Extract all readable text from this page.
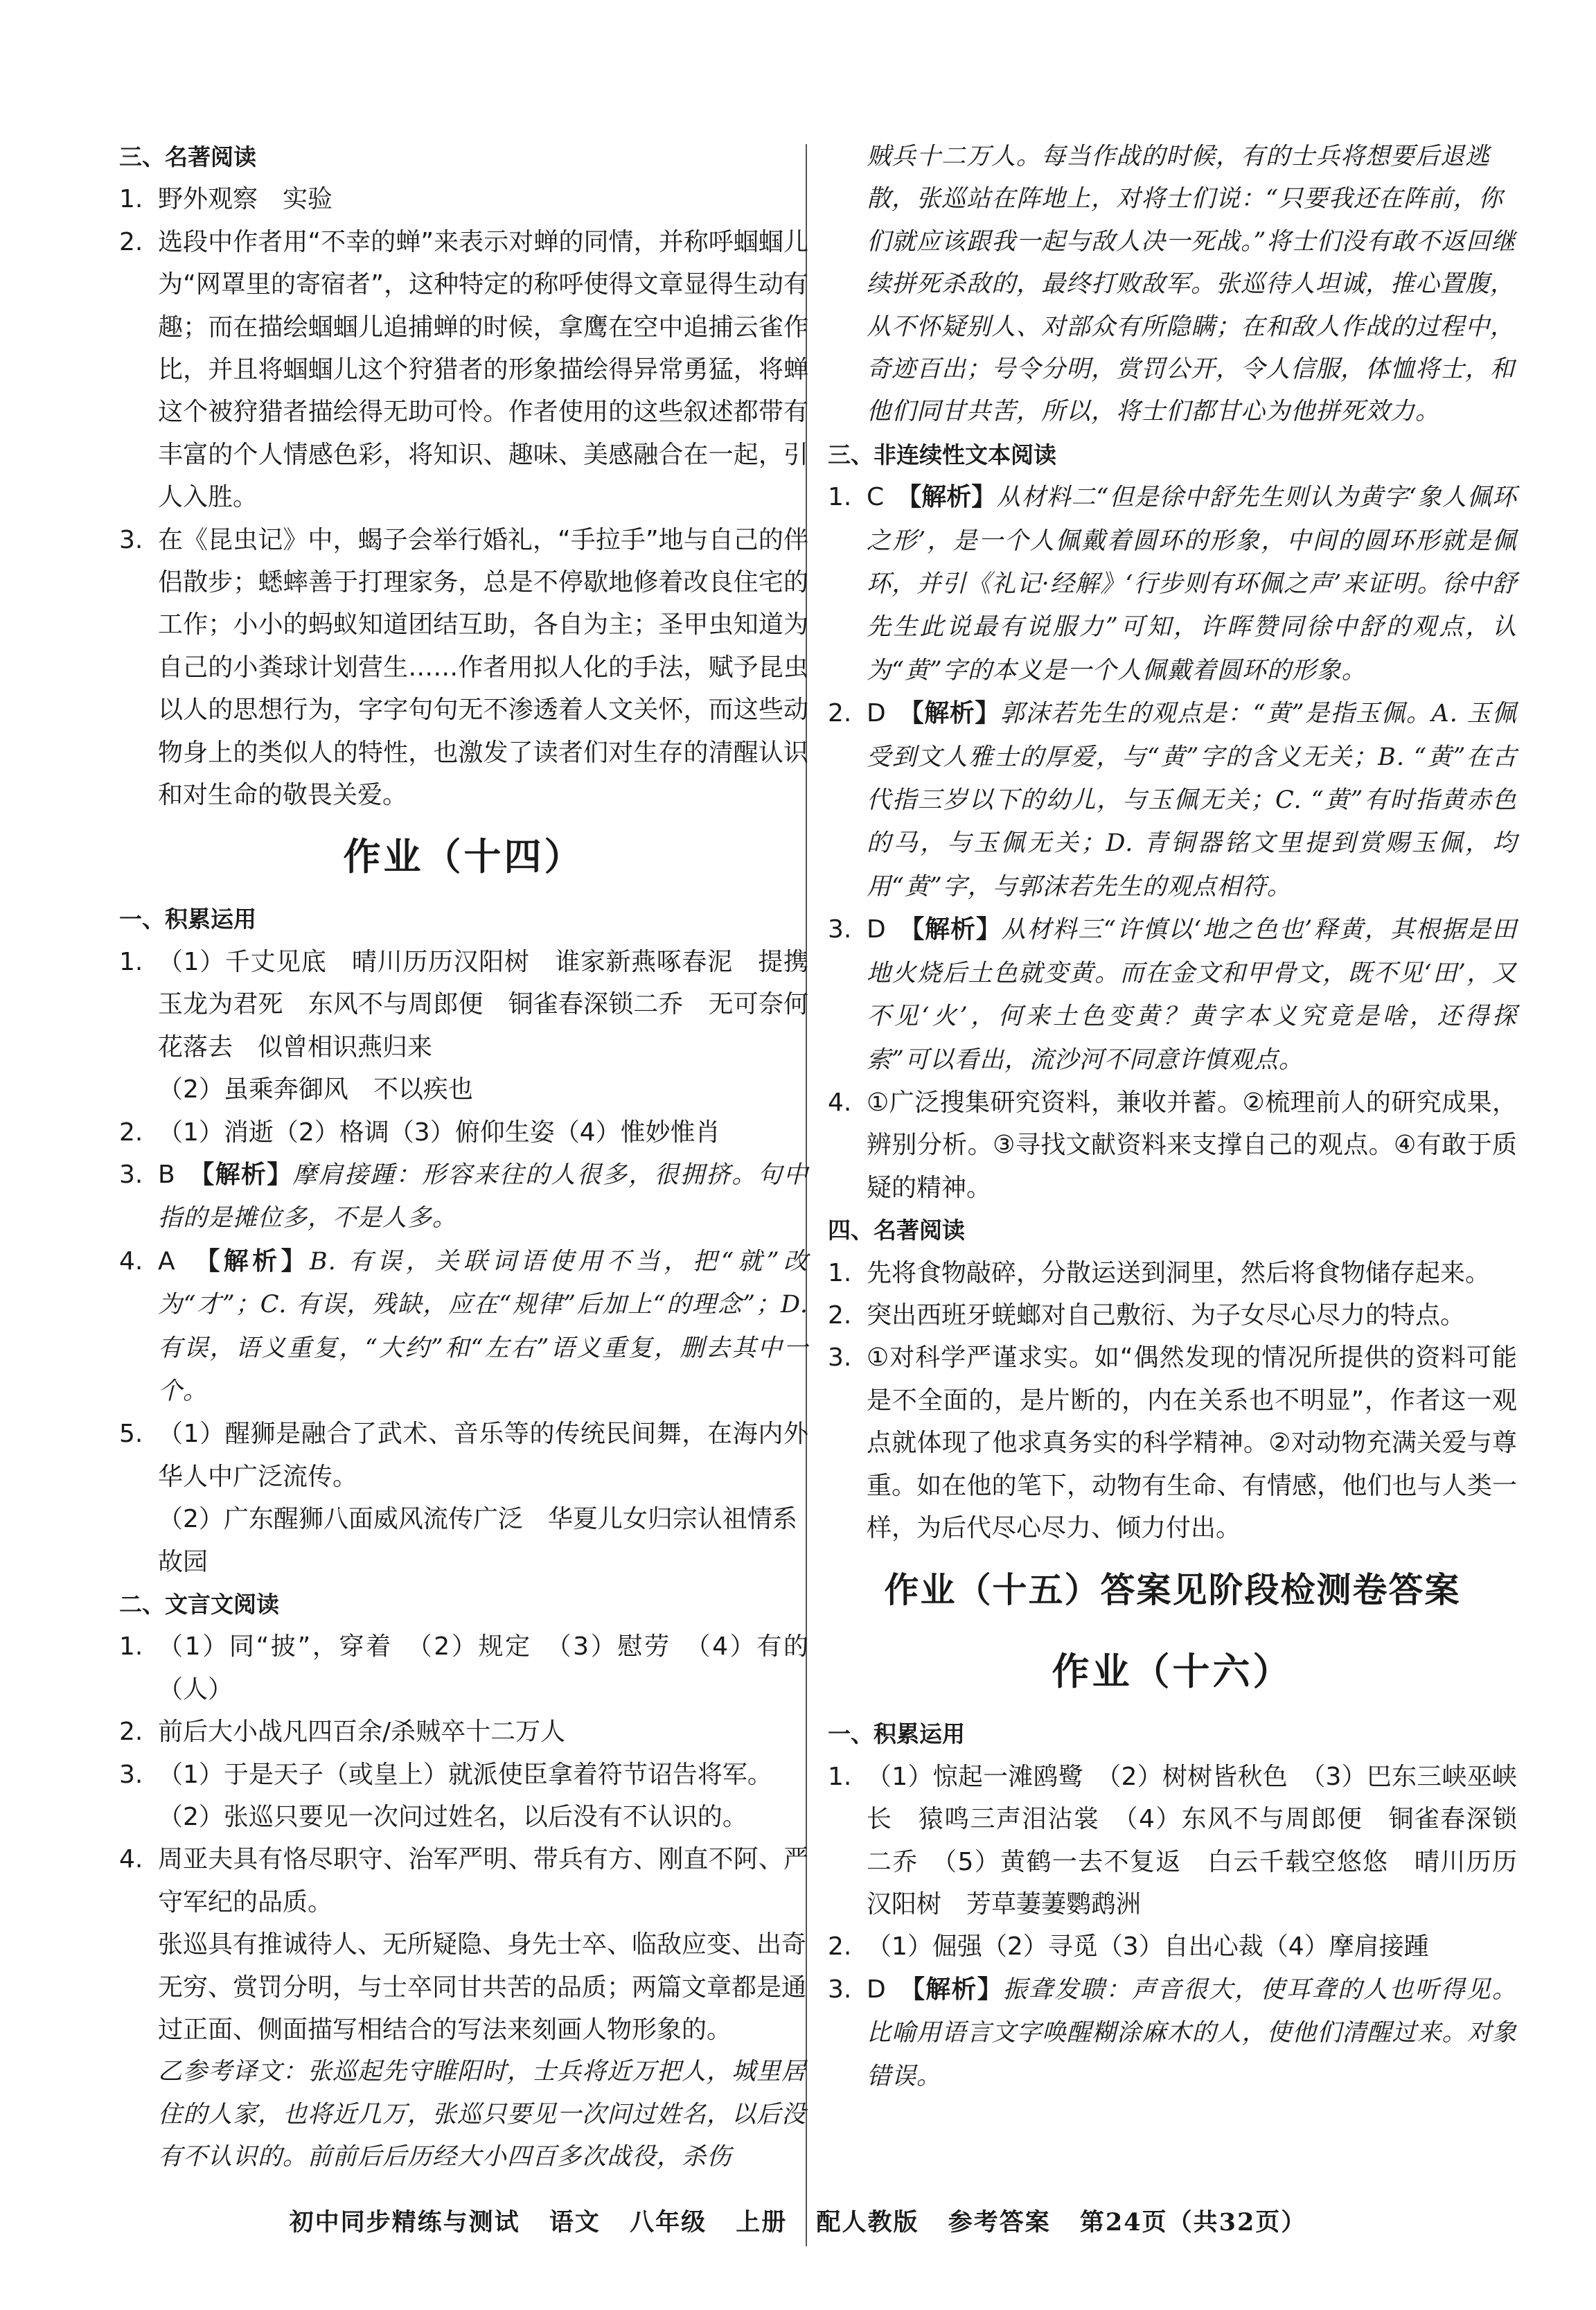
三、名著阅读
1. 野外观察　实验
2. 选段中作者用“不幸的蝉”来表示对蝉的同情，并称呼蝈蝈儿为“网罩里的寄宿者”，这种特定的称呼使得文章显得生动有趣；而在描绘蝈蝈儿追捕蝉的时候，拿鹰在空中追捕云雀作比，并且将蝈蝈儿这个狩猎者的形象描绘得异常勇猛，将蝉这个被狩猎者描绘得无助可怜。作者使用的这些叙述都带有丰富的个人情感色彩，将知识、趣味、美感融合在一起，引人入胜。
3. 在《昆虫记》中，蝎子会举行婚礼，“手拉手”地与自己的伴侣散步；蟋蟀善于打理家务，总是不停歇地修着改良住宅的工作；小小的蚂蚁知道团结互助，各自为主；圣甲虫知道为自己的小粪球计划营生……作者用拟人化的手法，赋予昆虫以人的思想行为，字字句句无不渗透着人文关怀，而这些动物身上的类似人的特性，也激发了读者们对生存的清醒认识和对生命的敬畏关爱。
作业（十四）
一、积累运用
1. （1）千丈见底　晴川历历汉阳树　谁家新燕啄春泥　提携玉龙为君死　东风不与周郎便　铜雀春深锁二乔　无可奈何花落去　似曾相识燕归来
（2）虽乘奔御风　不以疾也
2. （1）消逝（2）格调（3）俯仰生姿（4）惟妙惟肖
3. B　【解析】摩肩接踵：形容来往的人很多，很拥挤。句中指的是摊位多，不是人多。
4. A　【解析】B. 有误，关联词语使用不当，把“就”改为“才”；C. 有误，残缺，应在“规律”后加上“的理念”；D. 有误，语义重复，“大约”和“左右”语义重复，删去其中一个。
5. （1）醒狮是融合了武术、音乐等的传统民间舞，在海内外华人中广泛流传。
（2）广东醒狮八面威风流传广泛　华夏儿女归宗认祖情系故园
二、文言文阅读
1. （1）同“披”，穿着　（2）规定　（3）慰劳　（4）有的（人）
2. 前后大小战凡四百余/杀贼卒十二万人
3. （1）于是天子（或皇上）就派使臣拿着符节诏告将军。
（2）张巡只要见一次问过姓名，以后没有不认识的。
4. 周亚夫具有恪尽职守、治军严明、带兵有方、刚直不阿、严守军纪的品质。
张巡具有推诚待人、无所疑隐、身先士卒、临敌应变、出奇无穷、赏罚分明，与士卒同甘共苦的品质；两篇文章都是通过正面、侧面描写相结合的写法来刻画人物形象的。
乙参考译文：张巡起先守睢阳时，士兵将近万把人，城里居住的人家，也将近几万，张巡只要见一次问过姓名，以后没有不认识的。前前后后历经大小四百多次战役，杀伤
贼兵十二万人。每当作战的时候，有的士兵将想要后退逃散，张巡站在阵地上，对将士们说：“只要我还在阵前，你们就应该跟我一起与敌人决一死战。”将士们没有敢不返回继续拼死杀敌的，最终打败敌军。张巡待人坦诚，推心置腹，从不怀疑别人、对部众有所隐瞒；在和敌人作战的过程中，奇迹百出；号令分明，赏罚公开，令人信服，体恤将士，和他们同甘共苦，所以，将士们都甘心为他拼死效力。
三、非连续性文本阅读
1. C　【解析】从材料二“但是徐中舒先生则认为黄字‘象人佩环之形’，是一个人佩戴着圆环的形象，中间的圆环形就是佩环，并引《礼记·经解》‘行步则有环佩之声’来证明。徐中舒先生此说最有说服力”可知，许晖赞同徐中舒的观点，认为“黄”字的本义是一个人佩戴着圆环的形象。
2. D　【解析】郭沫若先生的观点是：“黄”是指玉佩。A. 玉佩受到文人雅士的厚爱，与“黄”字的含义无关；B. “黄”在古代指三岁以下的幼儿，与玉佩无关；C. “黄”有时指黄赤色的马，与玉佩无关；D. 青铜器铭文里提到赏赐玉佩，均用“黄”字，与郭沫若先生的观点相符。
3. D　【解析】从材料三“许慎以‘地之色也’释黄，其根据是田地火烧后土色就变黄。而在金文和甲骨文，既不见‘田’，又不见‘火’，何来土色变黄？黄字本义究竟是啥，还得探索”可以看出，流沙河不同意许慎观点。
4. ①广泛搜集研究资料，兼收并蓄。②梳理前人的研究成果，辨别分析。③寻找文献资料来支撑自己的观点。④有敢于质疑的精神。
四、名著阅读
1. 先将食物敲碎，分散运送到洞里，然后将食物储存起来。
2. 突出西班牙蜣螂对自己敷衍、为子女尽心尽力的特点。
3. ①对科学严谨求实。如“偶然发现的情况所提供的资料可能是不全面的，是片断的，内在关系也不明显”，作者这一观点就体现了他求真务实的科学精神。②对动物充满关爱与尊重。如在他的笔下，动物有生命、有情感，他们也与人类一样，为后代尽心尽力、倾力付出。
作业（十五）答案见阶段检测卷答案
作业（十六）
一、积累运用
1. （1）惊起一滩鸥鹭　（2）树树皆秋色　（3）巴东三峡巫峡长　猿鸣三声泪沾裳　（4）东风不与周郎便　铜雀春深锁二乔　（5）黄鹤一去不复返　白云千载空悠悠　晴川历历汉阳树　芳草萋萋鹦鹉洲
2. （1）倔强（2）寻觅（3）自出心裁（4）摩肩接踵
3. D　【解析】振聋发聩：声音很大，使耳聋的人也听得见。比喻用语言文字唤醒糊涂麻木的人，使他们清醒过来。对象错误。
初中同步精练与测试 语文 八年级 上册 配人教版 参考答案 第24页（共32页）
